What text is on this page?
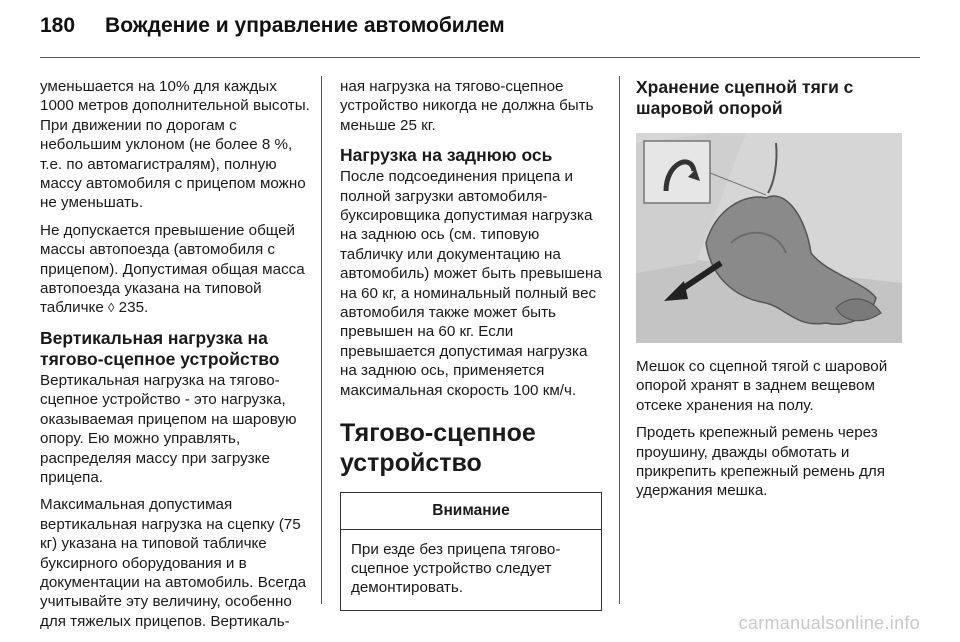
180 Вождение и управление автомобилем

уменьшается на 10% для каждых 1000 метров дополнительной высоты. При движении по дорогам с небольшим уклоном (не более 8 %, т.е. по автомагистралям), полную массу автомобиля с прицепом можно не уменьшать.

Не допускается превышение общей массы автопоезда (автомобиля с прицепом). Допустимая общая масса автопоезда указана на типовой табличке ◊ 235.

Вертикальная нагрузка на тягово-сцепное устройство

Вертикальная нагрузка на тягово-сцепное устройство - это нагрузка, оказываемая прицепом на шаровую опору. Ею можно управлять, распределяя массу при загрузке прицепа.

Максимальная допустимая вертикальная нагрузка на сцепку (75 кг) указана на типовой табличке буксирного оборудования и в документации на автомобиль. Всегда учитывайте эту величину, особенно для тяжелых прицепов. Вертикаль-

ная нагрузка на тягово-сцепное устройство никогда не должна быть меньше 25 кг.

Нагрузка на заднюю ось

После подсоединения прицепа и полной загрузки автомобиля-буксировщика допустимая нагрузка на заднюю ось (см. типовую табличку или документацию на автомобиль) может быть превышена на 60 кг, а номинальный полный вес автомобиля также может быть превышен на 60 кг. Если превышается допустимая нагрузка на заднюю ось, применяется максимальная скорость 100 км/ч.

Тягово-сцепное устройство
Внимание
При езде без прицепа тягово-сцепное устройство следует демонтировать.
Хранение сцепной тяги с шаровой опорой

Мешок со сцепной тягой с шаровой опорой хранят в заднем вещевом отсеке хранения на полу.

Продеть крепежный ремень через проушину, дважды обмотать и прикрепить крепежный ремень для удержания мешка.

carmanualsonline.info
